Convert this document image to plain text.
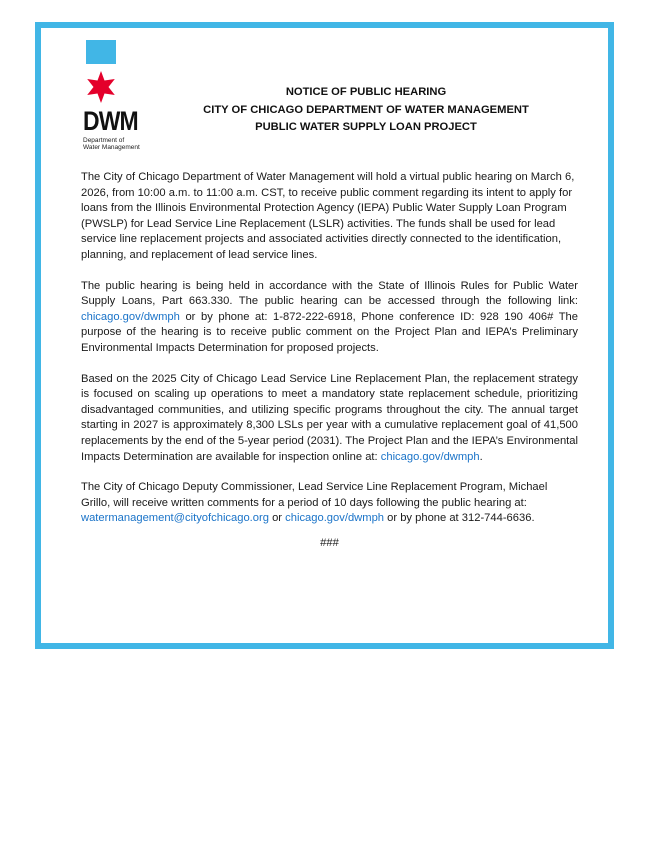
DWM
Department of
Water Management
NOTICE OF PUBLIC HEARING
CITY OF CHICAGO DEPARTMENT OF WATER MANAGEMENT
PUBLIC WATER SUPPLY LOAN PROJECT

The City of Chicago Department of Water Management will hold a virtual public hearing on March 6, 2026, from 10:00 a.m. to 11:00 a.m. CST, to receive public comment regarding its intent to apply for loans from the Illinois Environmental Protection Agency (IEPA) Public Water Supply Loan Program (PWSLP) for Lead Service Line Replacement (LSLR) activities. The funds shall be used for lead service line replacement projects and associated activities directly connected to the identification, planning, and replacement of lead service lines.

The public hearing is being held in accordance with the State of Illinois Rules for Public Water Supply Loans, Part 663.330. The public hearing can be accessed through the following link: chicago.gov/dwmph or by phone at: 1-872-222-6918, Phone conference ID: 928 190 406# The purpose of the hearing is to receive public comment on the Project Plan and IEPA’s Preliminary Environmental Impacts Determination for proposed projects.

Based on the 2025 City of Chicago Lead Service Line Replacement Plan, the replacement strategy is focused on scaling up operations to meet a mandatory state replacement schedule, prioritizing disadvantaged communities, and utilizing specific programs throughout the city. The annual target starting in 2027 is approximately 8,300 LSLs per year with a cumulative replacement goal of 41,500 replacements by the end of the 5-year period (2031). The Project Plan and the IEPA’s Environmental Impacts Determination are available for inspection online at: chicago.gov/dwmph.

The City of Chicago Deputy Commissioner, Lead Service Line Replacement Program, Michael Grillo, will receive written comments for a period of 10 days following the public hearing at: watermanagement@cityofchicago.org or chicago.gov/dwmph or by phone at 312-744-6636.

###
